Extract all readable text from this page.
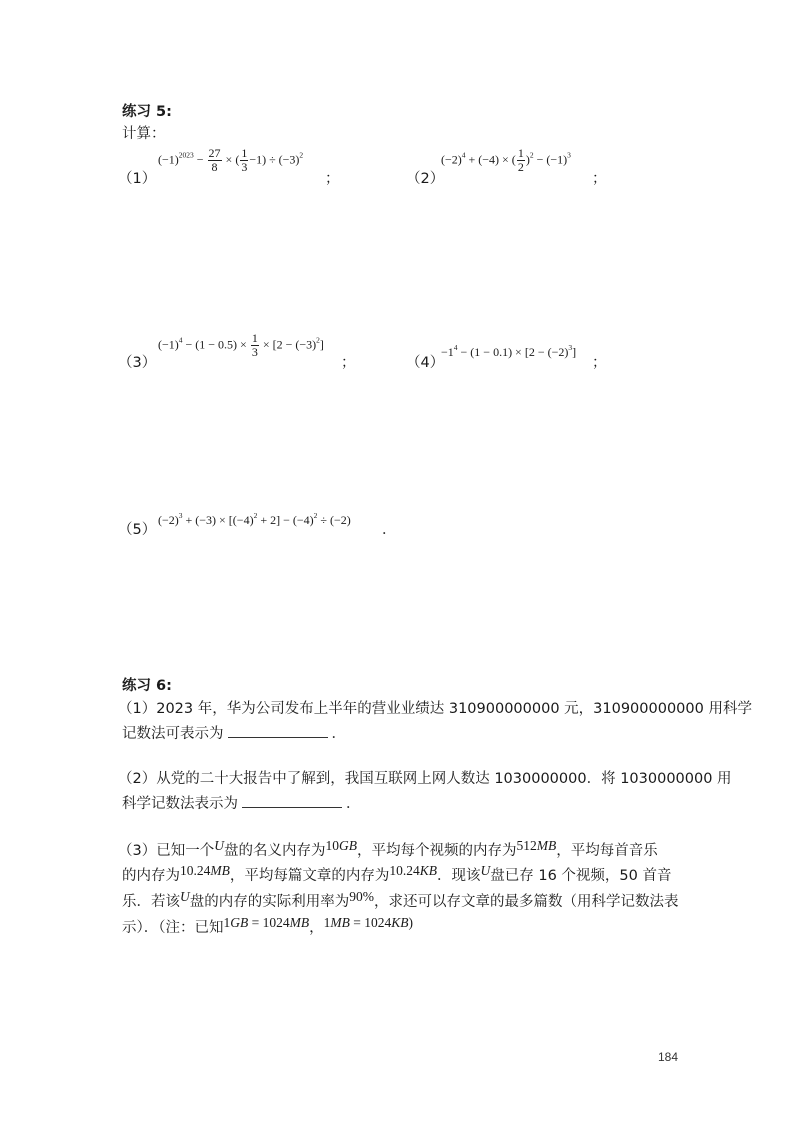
练习 5:
计算：
（1）
$(-1)^{2023} - \frac{27}{8}$ × ( $\frac{1}{3} -1) \div (-3)^2$
；	（2）
$(-2)^4 + (-4)$ × ( $\frac{1}{2} )^2 - (-1)^3$
；
（3）
$(-1)^4 - (1 - 0.5) \times \frac{1}{3} \times [2 - (-3)^2]$
；	（4）
$-1^4 - (1 - 0.1) \times [2 - (-2)^3]$
；
（5）
$(-2)^3 + (-3) \times [(-4)^2 + 2] - (-4)^2 \div (-2)$
．
练习 6:
（1）2023 年，华为公司发布上半年的营业业绩达 310900000000 元，310900000000 用科学
记数法可表示为	．
（2）从党的二十大报告中了解到，我国互联网上网人数达 1030000000．将 1030000000 用
科学记数法表示为	．
（3）已知一个U盘的名义内存为10GB，平均每个视频的内存为512MB，平均每首音乐
的内存为10.24MB，平均每篇文章的内存为10.24KB．现该U盘已存 16 个视频，50 首音
乐．若该U盘的内存的实际利用率为90%，求还可以存文章的最多篇数（用科学记数法表
示）．（注：已知1GB = 1024MB，1MB = 1024KB)
184
